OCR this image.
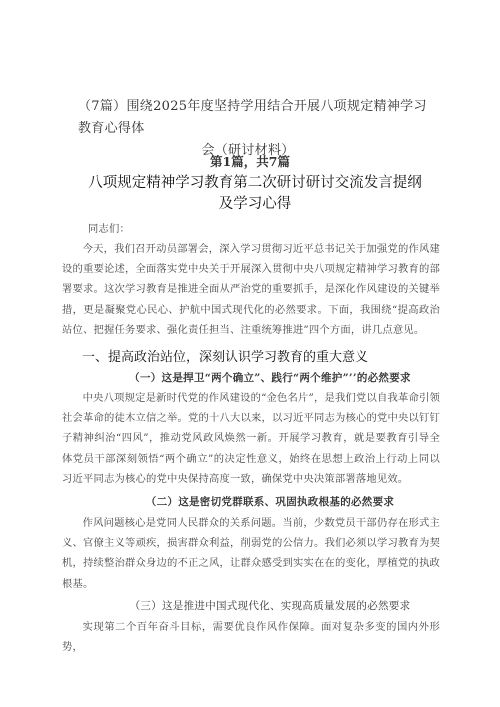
（7篇）围绕2025年度坚持学用结合开展八项规定精神学习教育心得体
会（研讨材料）
第1篇，共7篇
八项规定精神学习教育第二次研讨研讨交流发言提纲
及学习心得
同志们：
今天，我们召开动员部署会，深入学习贯彻习近平总书记关于加强党的作风建设的重要论述，全面落实党中央关于开展深入贯彻中央八项规定精神学习教育的部署要求。这次学习教育是推进全面从严治党的重要抓手，是深化作风建设的关键举措，更是凝聚党心民心、护航中国式现代化的必然要求。下面，我围绕“提高政治站位、把握任务要求、强化责任担当、注重统筹推进”四个方面，讲几点意见。
一、提高政治站位，深刻认识学习教育的重大意义
（一）这是捍卫“两个确立”、践行“两个维护”’’的必然要求
中央八项规定是新时代党的作风建设的“金色名片”，是我们党以自我革命引领社会革命的徒木立信之举。党的十八大以来，以习近平同志为核心的党中央以钉钉子精神纠治“四风”，推动党风政风焕然一新。开展学习教育，就是要教育引导全体党员干部深刻领悟“两个确立”的决定性意义，始终在思想上政治上行动上同以习近平同志为核心的党中央保持高度一致，确保党中央决策部署落地见效。
（二）这是密切党群联系、巩固执政根基的必然要求
作风问题核心是党同人民群众的关系问题。当前，少数党员干部仍存在形式主义、官僚主义等顽疾，损害群众利益，削弱党的公信力。我们必须以学习教育为契机，持续整治群众身边的不正之风，让群众感受到实实在在的变化，厚植党的执政根基。
（三）这是推进中国式现代化、实现高质量发展的必然要求
实现第二个百年奋斗目标，需要优良作风作保障。面对复杂多变的国内外形势，
